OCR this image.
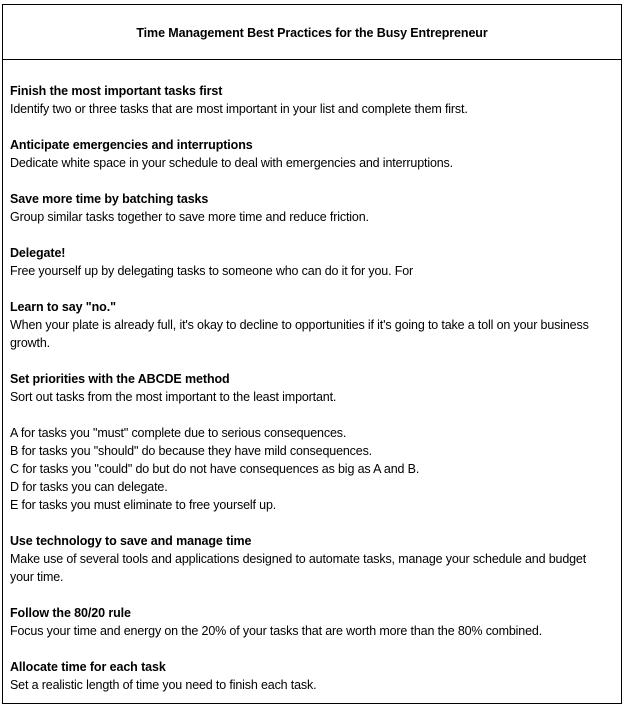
Time Management Best Practices for the Busy Entrepreneur
Finish the most important tasks first
Identify two or three tasks that are most important in your list and complete them first.
Anticipate emergencies and interruptions
Dedicate white space in your schedule to deal with emergencies and interruptions.
Save more time by batching tasks
Group similar tasks together to save more time and reduce friction.
Delegate!
Free yourself up by delegating tasks to someone who can do it for you. For
Learn to say "no."
When your plate is already full, it's okay to decline to opportunities if it's going to take a toll on your business growth.
Set priorities with the ABCDE method
Sort out tasks from the most important to the least important.
A for tasks you "must" complete due to serious consequences.
B for tasks you "should" do because they have mild consequences.
C for tasks you "could" do but do not have consequences as big as A and B.
D for tasks you can delegate.
E for tasks you must eliminate to free yourself up.
Use technology to save and manage time
Make use of several tools and applications designed to automate tasks, manage your schedule and budget your time.
Follow the 80/20 rule
Focus your time and energy on the 20% of your tasks that are worth more than the 80% combined.
Allocate time for each task
Set a realistic length of time you need to finish each task.
